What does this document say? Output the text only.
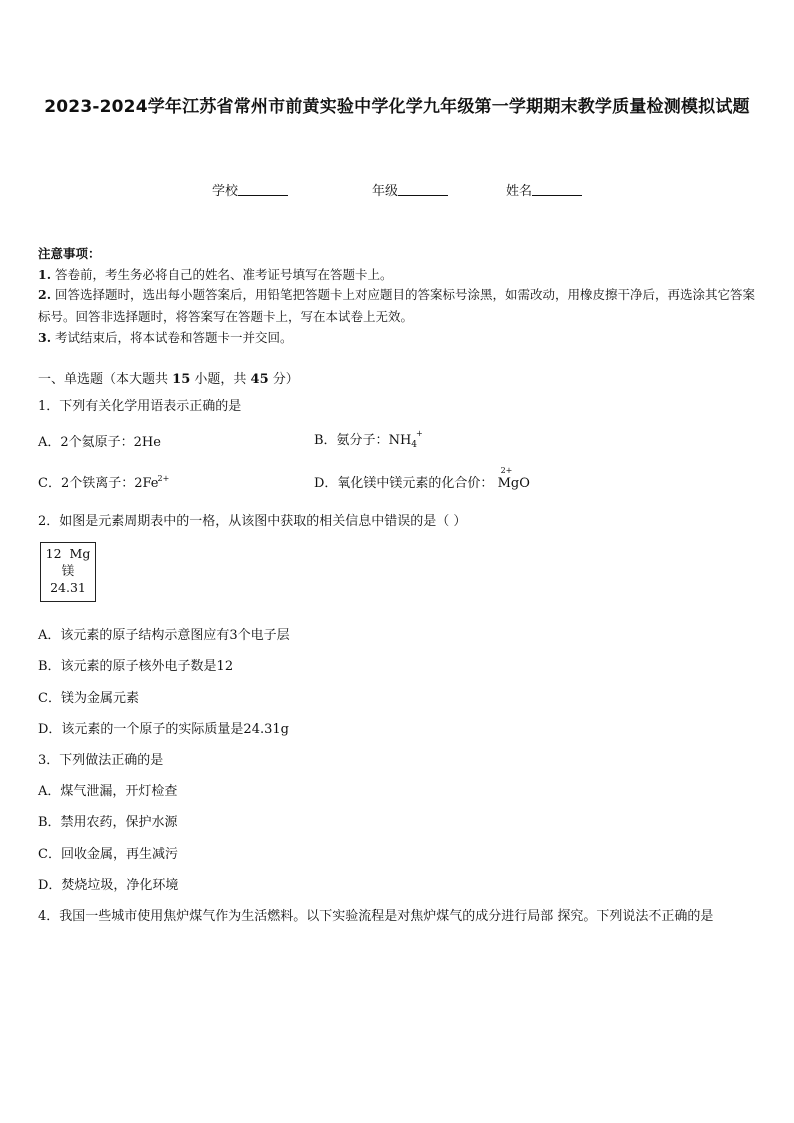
2023-2024学年江苏省常州市前黄实验中学化学九年级第一学期期末教学质量检测模拟试题
学校	年级	姓名
注意事项：
1. 答卷前，考生务必将自己的姓名、准考证号填写在答题卡上。
2. 回答选择题时，选出每小题答案后，用铅笔把答题卡上对应题目的答案标号涂黑，如需改动，用橡皮擦干净后，再选涂其它答案标号。回答非选择题时，将答案写在答题卡上，写在本试卷上无效。
3. 考试结束后，将本试卷和答题卡一并交回。
一、单选题（本大题共 15 小题，共 45 分）
1．下列有关化学用语表示正确的是
A．2个氦原子：2He	B．氨分子：$NH_4^+$
C．2个铁离子：$2Fe^{2+}$	D．氧化镁中镁元素的化合价：
2+
MgO
2．如图是元素周期表中的一格，从该图中获取的相关信息中错误的是（ ）
12 Mg
镁
24.31
A．该元素的原子结构示意图应有3个电子层
B．该元素的原子核外电子数是12
C．镁为金属元素
D．该元素的一个原子的实际质量是24.31g
3．下列做法正确的是
A．煤气泄漏，开灯检查
B．禁用农药，保护水源
C．回收金属，再生减污
D．焚烧垃圾，净化环境
4．我国一些城市使用焦炉煤气作为生活燃料。以下实验流程是对焦炉煤气的成分进行局部 探究。下列说法不正确的是
